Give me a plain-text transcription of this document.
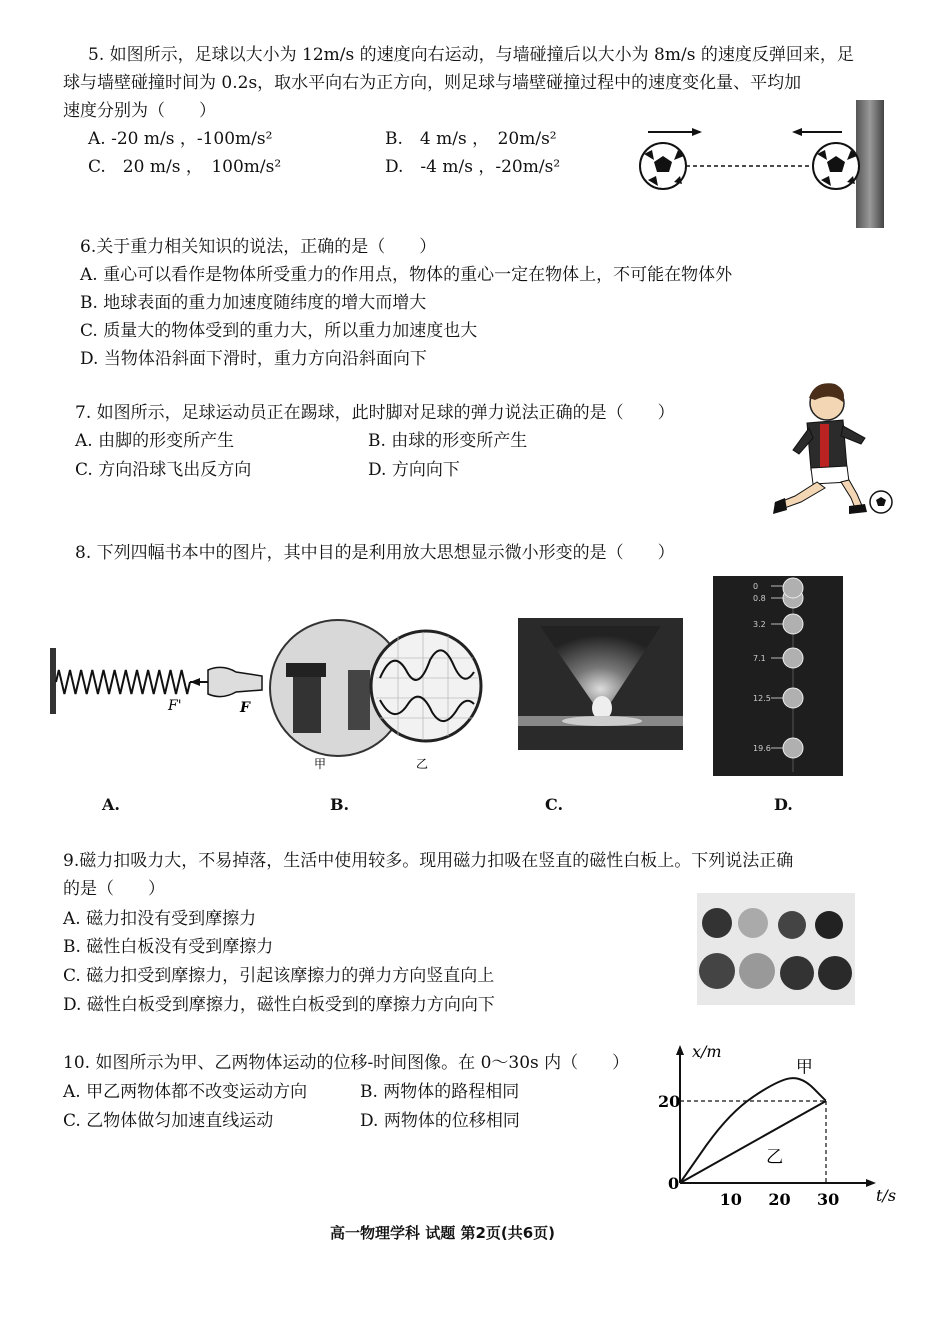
5. 如图所示，足球以大小为 12m/s 的速度向右运动，与墙碰撞后以大小为 8m/s 的速度反弹回来，足
球与墙壁碰撞时间为 0.2s，取水平向右为正方向，则足球与墙壁碰撞过程中的速度变化量、平均加
速度分别为（　　）
A. -20 m/s ，-100m/s²	B.　4 m/s ，　20m/s²
C.　20 m/s ，　100m/s²	D.　-4 m/s ，-20m/s²
6.关于重力相关知识的说法，正确的是（　　）
A. 重心可以看作是物体所受重力的作用点，物体的重心一定在物体上，不可能在物体外
B. 地球表面的重力加速度随纬度的增大而增大
C. 质量大的物体受到的重力大，所以重力加速度也大
D. 当物体沿斜面下滑时，重力方向沿斜面向下
7. 如图所示，足球运动员正在踢球，此时脚对足球的弹力说法正确的是（　　）
A. 由脚的形变所产生	B. 由球的形变所产生
C. 方向沿球飞出反方向	D. 方向向下
8. 下列四幅书本中的图片，其中目的是利用放大思想显示微小形变的是（　　）
F'	F
甲	乙
0
0.8
3.2
7.1
12.5
19.6
A.	B.	C.	D.
9.磁力扣吸力大，不易掉落，生活中使用较多。现用磁力扣吸在竖直的磁性白板上。下列说法正确
的是（　　）
A. 磁力扣没有受到摩擦力
B. 磁性白板没有受到摩擦力
C. 磁力扣受到摩擦力，引起该摩擦力的弹力方向竖直向上
D. 磁性白板受到摩擦力，磁性白板受到的摩擦力方向向下
10. 如图所示为甲、乙两物体运动的位移-时间图像。在 0～30s 内（　　）
A. 甲乙两物体都不改变运动方向	B. 两物体的路程相同
C. 乙物体做匀加速直线运动	D. 两物体的位移相同
x/m
t/s
0
10 20 30
20
甲
乙
高一物理学科 试题 第2页(共6页)
